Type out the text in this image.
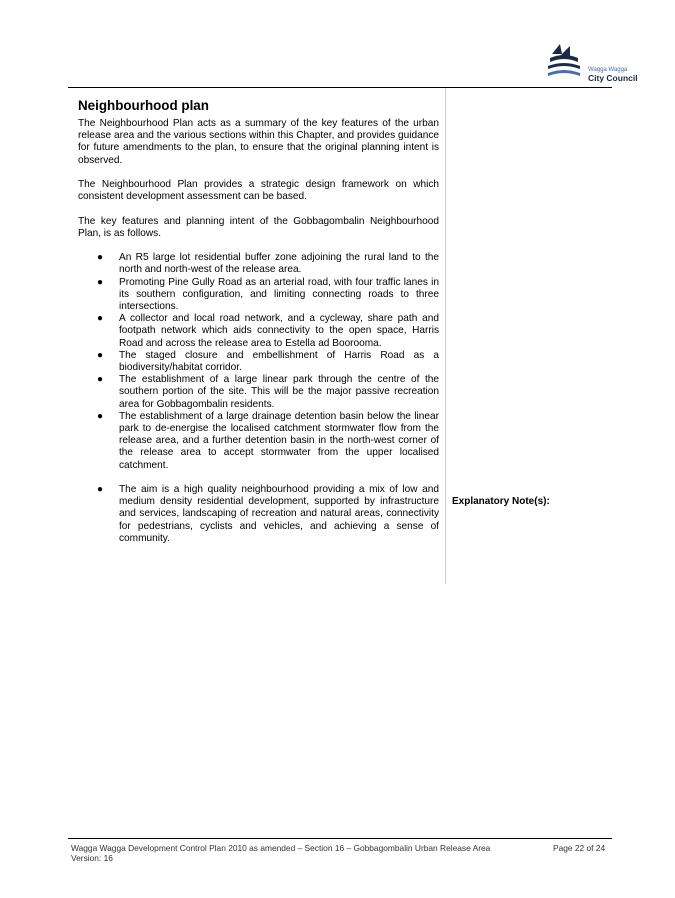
Wagga Wagga
City Council
Neighbourhood plan

The Neighbourhood Plan acts as a summary of the key features of the urban release area and the various sections within this Chapter, and provides guidance for future amendments to the plan, to ensure that the original planning intent is observed.

The Neighbourhood Plan provides a strategic design framework on which consistent development assessment can be based.

The key features and planning intent of the Gobbagombalin Neighbourhood Plan, is as follows.

● An R5 large lot residential buffer zone adjoining the rural land to the north and north-west of the release area.
● Promoting Pine Gully Road as an arterial road, with four traffic lanes in its southern configuration, and limiting connecting roads to three intersections.
● A collector and local road network, and a cycleway, share path and footpath network which aids connectivity to the open space, Harris Road and across the release area to Estella ad Boorooma.
● The staged closure and embellishment of Harris Road as a biodiversity/habitat corridor.
● The establishment of a large linear park through the centre of the southern portion of the site. This will be the major passive recreation area for Gobbagombalin residents.
● The establishment of a large drainage detention basin below the linear park to de-energise the localised catchment stormwater flow from the release area, and a further detention basin in the north-west corner of the release area to accept stormwater from the upper localised catchment.
● The aim is a high quality neighbourhood providing a mix of low and medium density residential development, supported by infrastructure and services, landscaping of recreation and natural areas, connectivity for pedestrians, cyclists and vehicles, and achieving a sense of community.
Explanatory Note(s):
Wagga Wagga Development Control Plan 2010 as amended – Section 16 – Gobbagombalin Urban Release Area
Version: 16
Page 22 of 24
